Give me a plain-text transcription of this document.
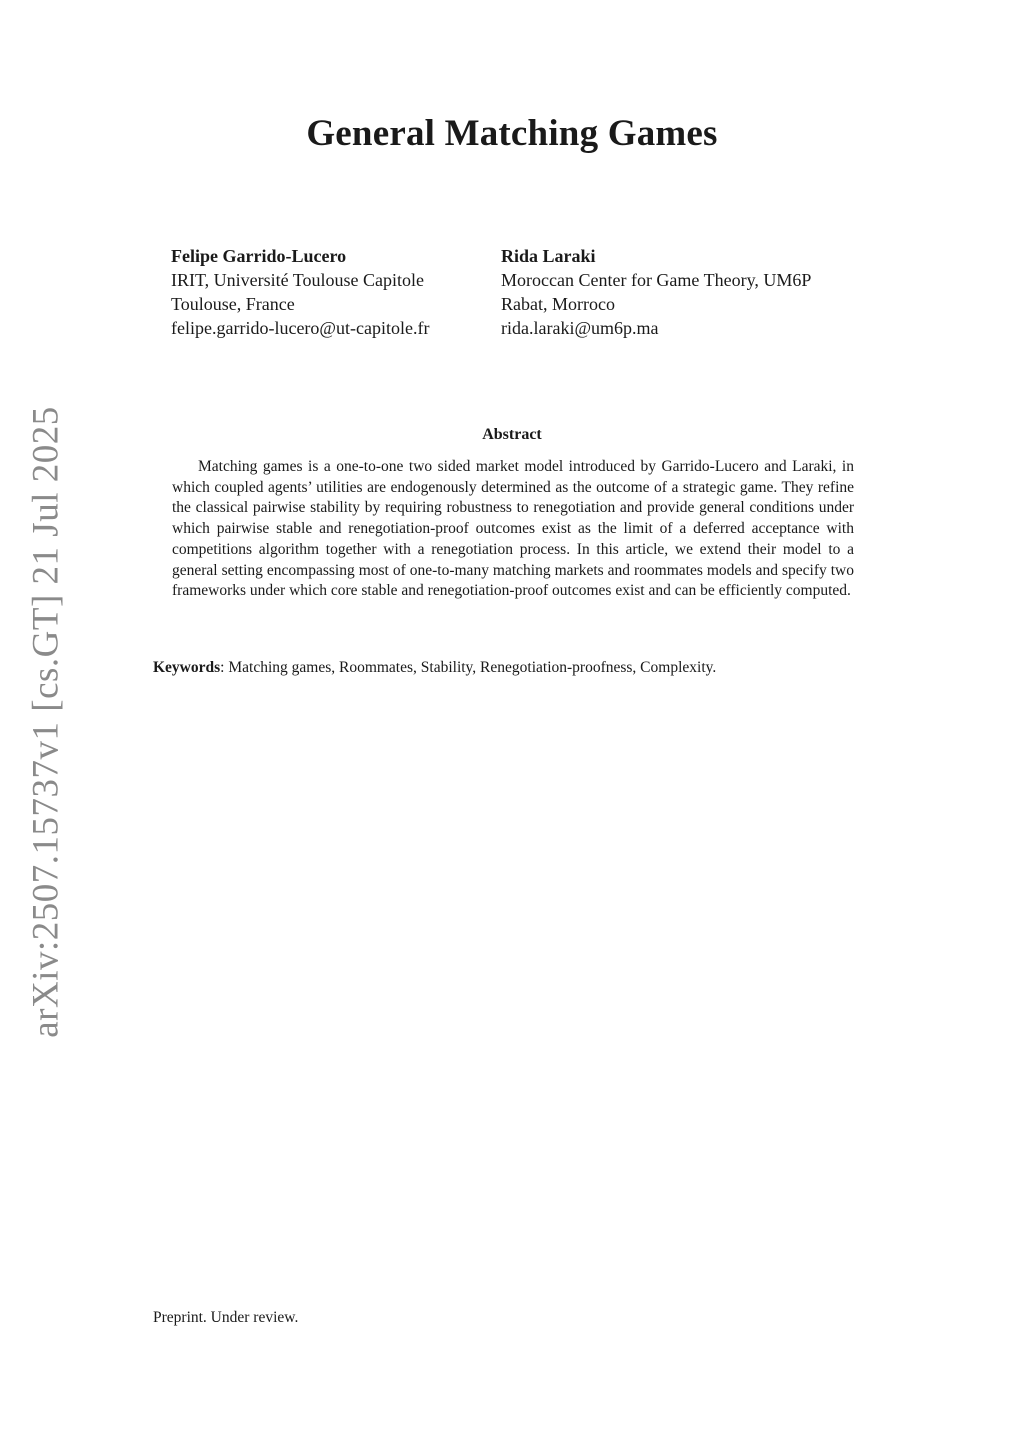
General Matching Games
Felipe Garrido-Lucero
IRIT, Université Toulouse Capitole
Toulouse, France
felipe.garrido-lucero@ut-capitole.fr
Rida Laraki
Moroccan Center for Game Theory, UM6P
Rabat, Morroco
rida.laraki@um6p.ma
Abstract

Matching games is a one-to-one two sided market model introduced by Garrido-Lucero and Laraki, in which coupled agents’ utilities are endogenously determined as the outcome of a strategic game. They refine the classical pairwise stability by requiring robustness to renegotiation and provide general conditions under which pairwise stable and renegotiation-proof outcomes exist as the limit of a deferred acceptance with competitions algorithm together with a renegotiation process. In this article, we extend their model to a general setting encompassing most of one-to-many matching markets and roommates models and specify two frameworks under which core stable and renegotiation-proof outcomes exist and can be efficiently computed.

Keywords: Matching games, Roommates, Stability, Renegotiation-proofness, Complexity.

arXiv:2507.15737v1 [cs.GT] 21 Jul 2025

Preprint. Under review.
